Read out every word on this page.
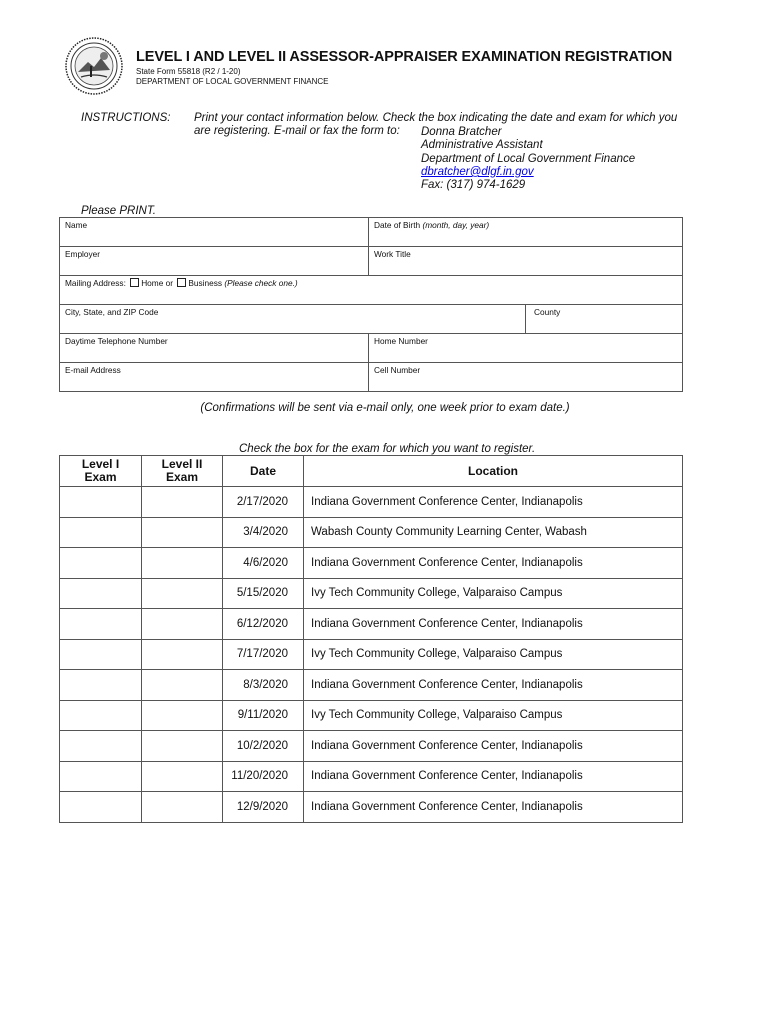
LEVEL I AND LEVEL II ASSESSOR-APPRAISER EXAMINATION REGISTRATION
State Form 55818 (R2 / 1-20)
DEPARTMENT OF LOCAL GOVERNMENT FINANCE
INSTRUCTIONS: Print your contact information below. Check the box indicating the date and exam for which you
are registering. E-mail or fax the form to:	Donna Bratcher
Administrative Assistant
Department of Local Government Finance
dbratcher@dlgf.in.gov
Fax: (317) 974-1629
Please PRINT.
Name	Date of Birth (month, day, year)	
Employer	Work Title	
Mailing Address: Home or Business (Please check one.)		
City, State, and ZIP Code		County
Daytime Telephone Number	Home Number	
E-mail Address	Cell Number	
(Confirmations will be sent via e-mail only, one week prior to exam date.)
Check the box for the exam for which you want to register.
Level I
Exam	Level II
Exam	Date	Location
		2/17/2020	Indiana Government Conference Center, Indianapolis
		3/4/2020	Wabash County Community Learning Center, Wabash
		4/6/2020	Indiana Government Conference Center, Indianapolis
		5/15/2020	Ivy Tech Community College, Valparaiso Campus
		6/12/2020	Indiana Government Conference Center, Indianapolis
		7/17/2020	Ivy Tech Community College, Valparaiso Campus
		8/3/2020	Indiana Government Conference Center, Indianapolis
		9/11/2020	Ivy Tech Community College, Valparaiso Campus
		10/2/2020	Indiana Government Conference Center, Indianapolis
		11/20/2020	Indiana Government Conference Center, Indianapolis
		12/9/2020	Indiana Government Conference Center, Indianapolis
